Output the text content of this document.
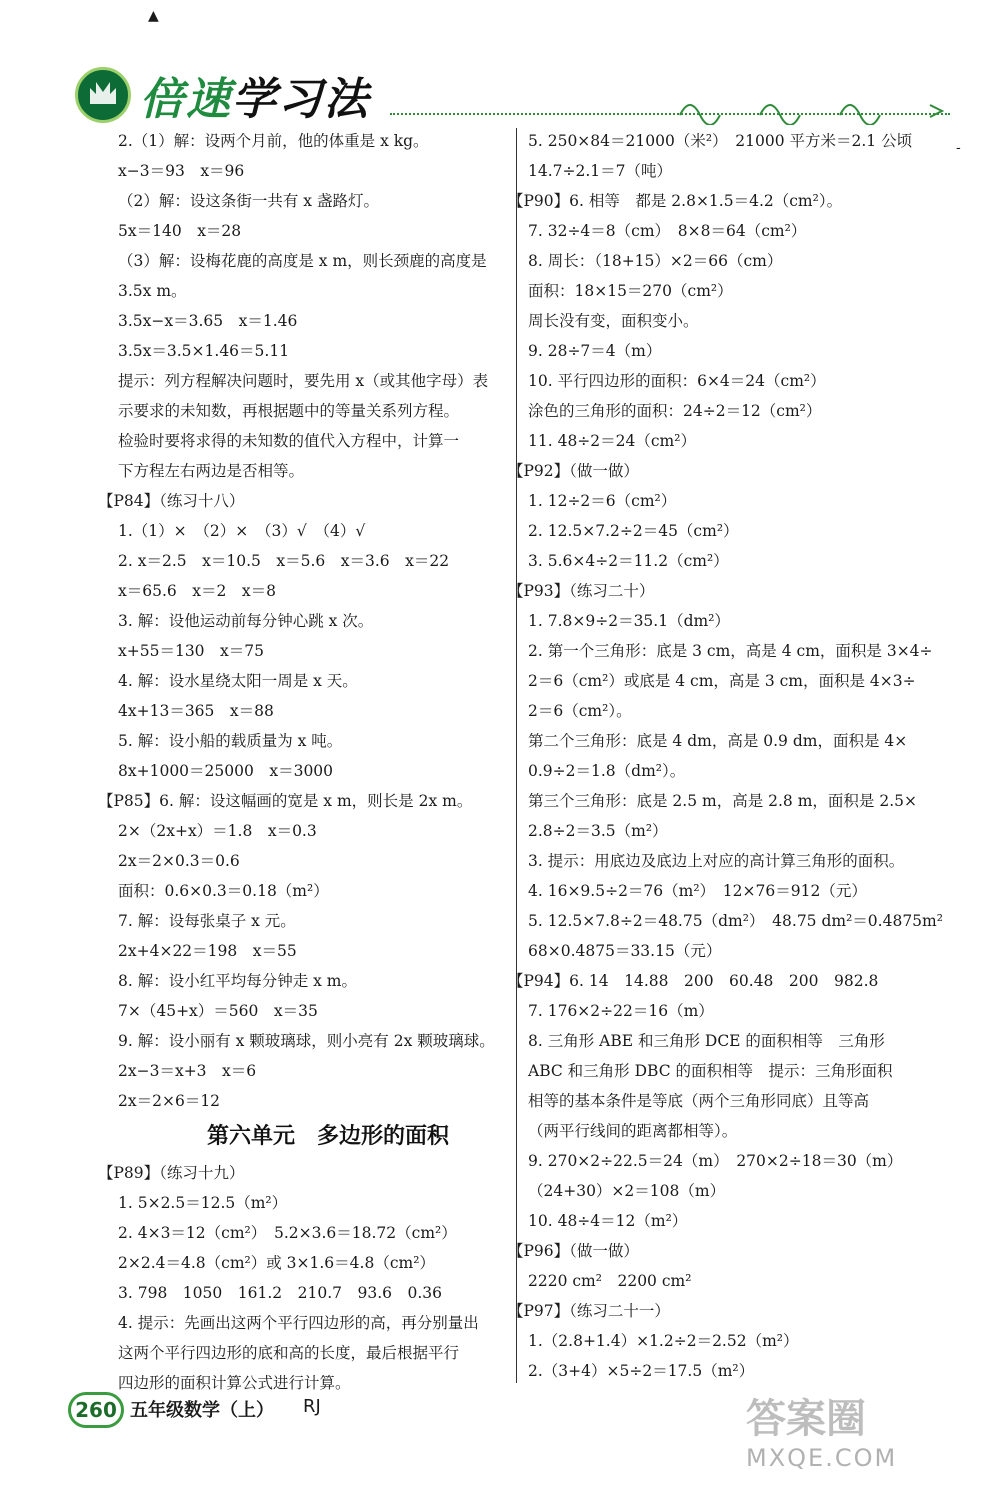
▲
倍速学习法
-
2.（1）解：设两个月前，他的体重是 x kg。
x−3＝93　x＝96
（2）解：设这条街一共有 x 盏路灯。
5x＝140　x＝28
（3）解：设梅花鹿的高度是 x m，则长颈鹿的高度是
3.5x m。
3.5x−x＝3.65　x＝1.46
3.5x＝3.5×1.46＝5.11
提示：列方程解决问题时，要先用 x（或其他字母）表
示要求的未知数，再根据题中的等量关系列方程。
检验时要将求得的未知数的值代入方程中，计算一
下方程左右两边是否相等。
【P84】（练习十八）
1.（1）×　（2）×　（3）√　（4）√
2. x＝2.5　x＝10.5　x＝5.6　x＝3.6　x＝22
x＝65.6　x＝2　x＝8
3. 解：设他运动前每分钟心跳 x 次。
x+55＝130　x＝75
4. 解：设水星绕太阳一周是 x 天。
4x+13＝365　x＝88
5. 解：设小船的载质量为 x 吨。
8x+1000＝25000　x＝3000
【P85】6. 解：设这幅画的宽是 x m，则长是 2x m。
2×（2x+x）＝1.8　x＝0.3
2x＝2×0.3＝0.6
面积：0.6×0.3＝0.18（m²）
7. 解：设每张桌子 x 元。
2x+4×22＝198　x＝55
8. 解：设小红平均每分钟走 x m。
7×（45+x）＝560　x＝35
9. 解：设小丽有 x 颗玻璃球，则小亮有 2x 颗玻璃球。
2x−3＝x+3　x＝6
2x＝2×6＝12
第六单元　多边形的面积
【P89】（练习十九）
1. 5×2.5＝12.5（m²）
2. 4×3＝12（cm²）　5.2×3.6＝18.72（cm²）
2×2.4＝4.8（cm²）或 3×1.6＝4.8（cm²）
3. 798　1050　161.2　210.7　93.6　0.36
4. 提示：先画出这两个平行四边形的高，再分别量出
这两个平行四边形的底和高的长度，最后根据平行
四边形的面积计算公式进行计算。
5. 250×84＝21000（米²）　21000 平方米＝2.1 公顷
14.7÷2.1＝7（吨）
【P90】6. 相等　都是 2.8×1.5＝4.2（cm²）。
7. 32÷4＝8（cm）　8×8＝64（cm²）
8. 周长：（18+15）×2＝66（cm）
面积：18×15＝270（cm²）
周长没有变，面积变小。
9. 28÷7＝4（m）
10. 平行四边形的面积：6×4＝24（cm²）
涂色的三角形的面积：24÷2＝12（cm²）
11. 48÷2＝24（cm²）
【P92】（做一做）
1. 12÷2＝6（cm²）
2. 12.5×7.2÷2＝45（cm²）
3. 5.6×4÷2＝11.2（cm²）
【P93】（练习二十）
1. 7.8×9÷2＝35.1（dm²）
2. 第一个三角形：底是 3 cm，高是 4 cm，面积是 3×4÷
2＝6（cm²）或底是 4 cm，高是 3 cm，面积是 4×3÷
2＝6（cm²）。
第二个三角形：底是 4 dm，高是 0.9 dm，面积是 4×
0.9÷2＝1.8（dm²）。
第三个三角形：底是 2.5 m，高是 2.8 m，面积是 2.5×
2.8÷2＝3.5（m²）
3. 提示：用底边及底边上对应的高计算三角形的面积。
4. 16×9.5÷2＝76（m²）　12×76＝912（元）
5. 12.5×7.8÷2＝48.75（dm²）　48.75 dm²＝0.4875m²
68×0.4875＝33.15（元）
【P94】6. 14　14.88　200　60.48　200　982.8
7. 176×2÷22＝16（m）
8. 三角形 ABE 和三角形 DCE 的面积相等　三角形
ABC 和三角形 DBC 的面积相等　提示：三角形面积
相等的基本条件是等底（两个三角形同底）且等高
（两平行线间的距离都相等）。
9. 270×2÷22.5＝24（m）　270×2÷18＝30（m）
（24+30）×2＝108（m）
10. 48÷4＝12（m²）
【P96】（做一做）
2220 cm²　2200 cm²
【P97】（练习二十一）
1.（2.8+1.4）×1.2÷2＝2.52（m²）
2.（3+4）×5÷2＝17.5（m²）
260 五年级数学（上） RJ	答案圈
MXQE.COM
